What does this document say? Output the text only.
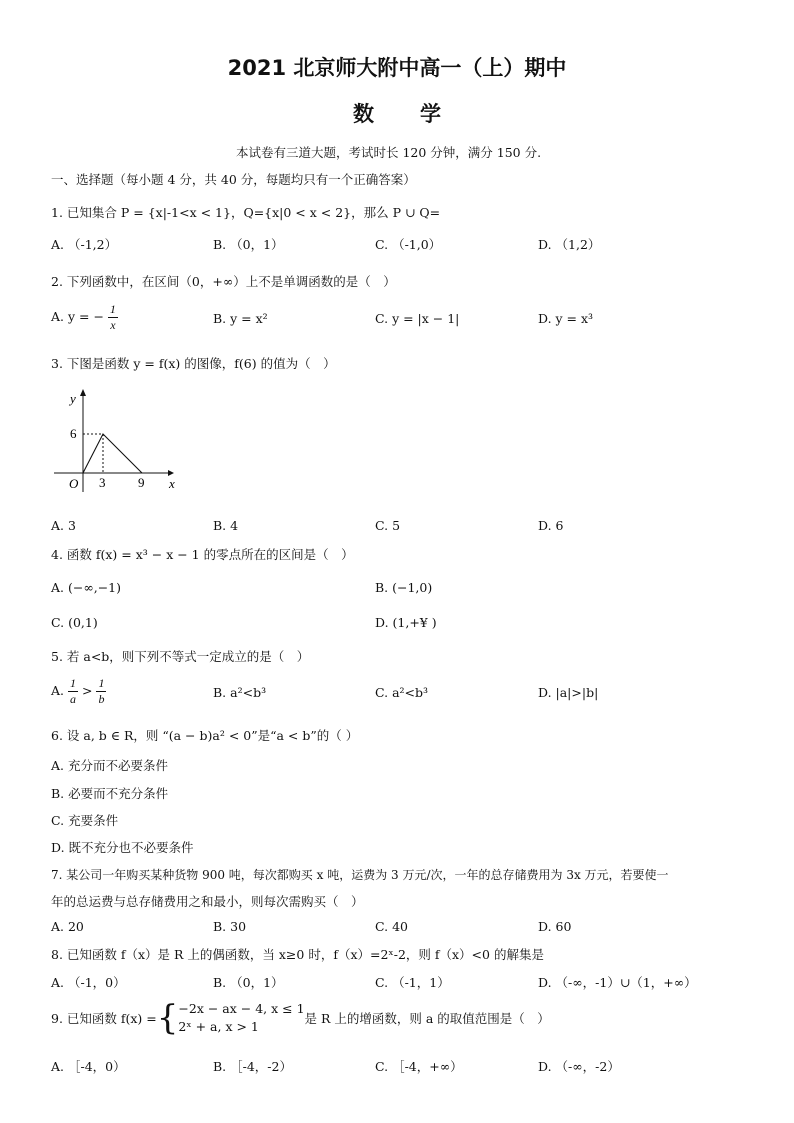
2021 北京师大附中高一（上）期中
数学
本试卷有三道大题，考试时长 120 分钟，满分 150 分.
一、选择题（每小题 4 分，共 40 分，每题均只有一个正确答案）
1. 已知集合 P = {x|-1<x < 1}，Q={x|0 < x < 2}，那么 P ∪ Q=
A. （-1,2）	B. （0，1）	C. （-1,0）	D. （1,2）
2. 下列函数中，在区间（0，+∞）上不是单调函数的是（　）
A. y = − $\frac{1}{x}$	B. y = x²	C. y = |x − 1|	D. y = x³
3. 下图是函数 y = f(x) 的图像，f(6) 的值为（　）
y
x
O 3	9
6
A. 3	B. 4	C. 5	D. 6
4. 函数 f(x) = x³ − x − 1 的零点所在的区间是（　）
A. (−∞,−1)	B. (−1,0)
C. (0,1)	D. (1,+¥ )
5. 若 a<b，则下列不等式一定成立的是（　）
A. $\frac{1}{a} > \frac{1}{b}$	B. a²<b³	C. a²<b³	D. |a|>|b|
6. 设 a, b ∈ R，则 “(a − b)a² < 0”是“a < b”的（ ）
A. 充分而不必要条件
B. 必要而不充分条件
C. 充要条件
D. 既不充分也不必要条件
7. 某公司一年购买某种货物 900 吨，每次都购买 x 吨，运费为 3 万元/次，一年的总存储费用为 3x 万元，若要使一
年的总运费与总存储费用之和最小，则每次需购买（　）
A. 20	B. 30	C. 40	D. 60
8. 已知函数 f（x）是 R 上的偶函数，当 x≥0 时，f（x）=2ˣ-2，则 f（x）<0 的解集是
A. （-1，0）	B. （0，1）	C. （-1，1）	D. （-∞，-1）∪（1，+∞）
9. 已知函数 f(x) = { −2x − ax − 4, x ≤ 1
2ˣ + a, x > 1
是 R 上的增函数，则 a 的取值范围是（　）
A. ［-4，0）	B. ［-4，-2）	C. ［-4，+∞）	D. （-∞，-2）
